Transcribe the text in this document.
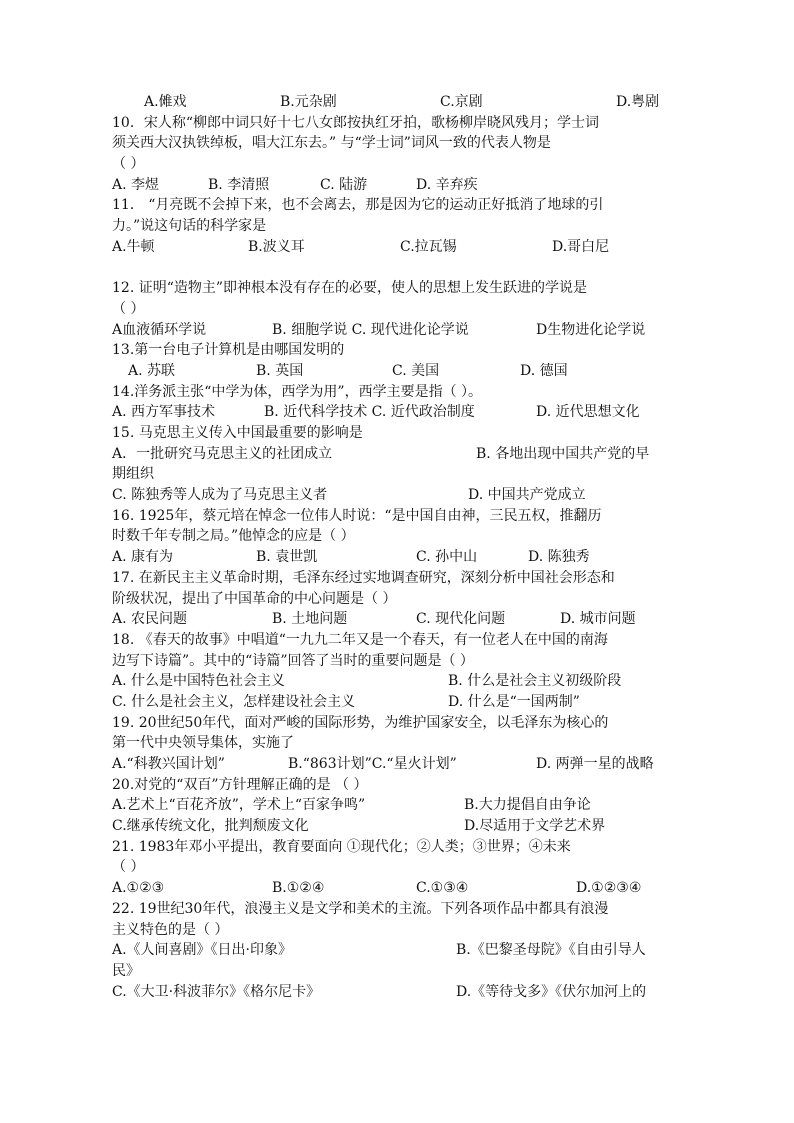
A.傩戏	B.元杂剧	C.京剧	D.粤剧
10．宋人称“柳郎中词只好十七八女郎按执红牙拍，歌杨柳岸晓风残月；学士词
须关西大汉执铁绰板，唱大江东去。” 与“学士词”词风一致的代表人物是
（ ）
A. 李煜	B. 李清照	C. 陆游	D. 辛弃疾
11． “月亮既不会掉下来，也不会离去，那是因为它的运动正好抵消了地球的引
力。”说这句话的科学家是
A.牛顿	B.波义耳	C.拉瓦锡	D.哥白尼
12. 证明“造物主”即神根本没有存在的必要，使人的思想上发生跃进的学说是
（ ）
A血液循环学说	B. 细胞学说 C. 现代进化论学说	D生物进化论学说
13.第一台电子计算机是由哪国发明的
A. 苏联	B. 英国	C. 美国	D. 德国
14.洋务派主张“中学为体，西学为用”，西学主要是指（ ）。
A. 西方军事技术	B. 近代科学技术 C. 近代政治制度	D. 近代思想文化
15. 马克思主义传入中国最重要的影响是
A．一批研究马克思主义的社团成立	B. 各地出现中国共产党的早
期组织
C. 陈独秀等人成为了马克思主义者	D. 中国共产党成立
16. 1925年，蔡元培在悼念一位伟人时说：“是中国自由神，三民五权，推翻历
时数千年专制之局。”他悼念的应是（ ）
A. 康有为	B. 袁世凯	C. 孙中山	D. 陈独秀
17. 在新民主主义革命时期，毛泽东经过实地调查研究，深刻分析中国社会形态和
阶级状况，提出了中国革命的中心问题是（ ）
A. 农民问题	B. 土地问题	C. 现代化问题	D. 城市问题
18. 《春天的故事》中唱道“一九九二年又是一个春天，有一位老人在中国的南海
边写下诗篇”。其中的“诗篇”回答了当时的重要问题是（ ）
A. 什么是中国特色社会主义	B. 什么是社会主义初级阶段
C. 什么是社会主义，怎样建设社会主义	D. 什么是“一国两制”
19. 20世纪50年代，面对严峻的国际形势，为维护国家安全，以毛泽东为核心的
第一代中央领导集体，实施了
A.“科教兴国计划”	B.“863计划”C.“星火计划”	D. 两弹一星的战略
20.对党的“双百”方针理解正确的是 （ ）
A.艺术上“百花齐放”，学术上“百家争鸣”	B.大力提倡自由争论
C.继承传统文化，批判颓废文化	D.尽适用于文学艺术界
21. 1983年邓小平提出，教育要面向 ①现代化；②人类；③世界；④未来
（ ）
A.①②③	B.①②④	C.①③④	D.①②③④
22. 19世纪30年代，浪漫主义是文学和美术的主流。下列各项作品中都具有浪漫
主义特色的是（ ）
A.《人间喜剧》《日出·印象》	B.《巴黎圣母院》《自由引导人
民》
C.《大卫·科波菲尔》《格尔尼卡》	D.《等待戈多》《伏尔加河上的
